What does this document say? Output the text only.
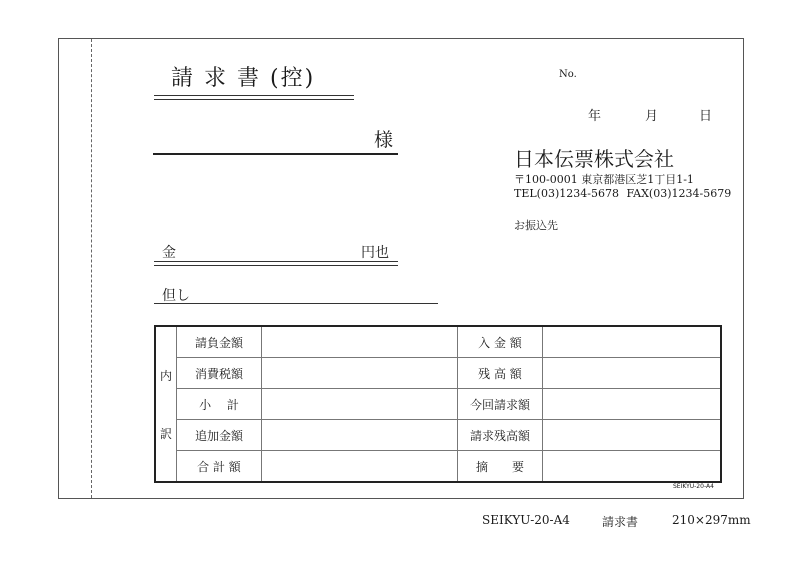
請 求 書 (控)	No.
年	月	日
様
日本伝票株式会社
〒100-0001 東京都港区芝1丁目1-1
TEL(03)1234-5678 FAX(03)1234-5679
お振込先
金	円也
但し
内
訳	請負金額		入 金 額	
	消費税額		残 高 額	
	小　 計		今回請求額	
	追加金額		請求残高額	
	合 計 額		摘　　要	
SEIKYU-20-A4
SEIKYU-20-A4	請求書	210×297mm
